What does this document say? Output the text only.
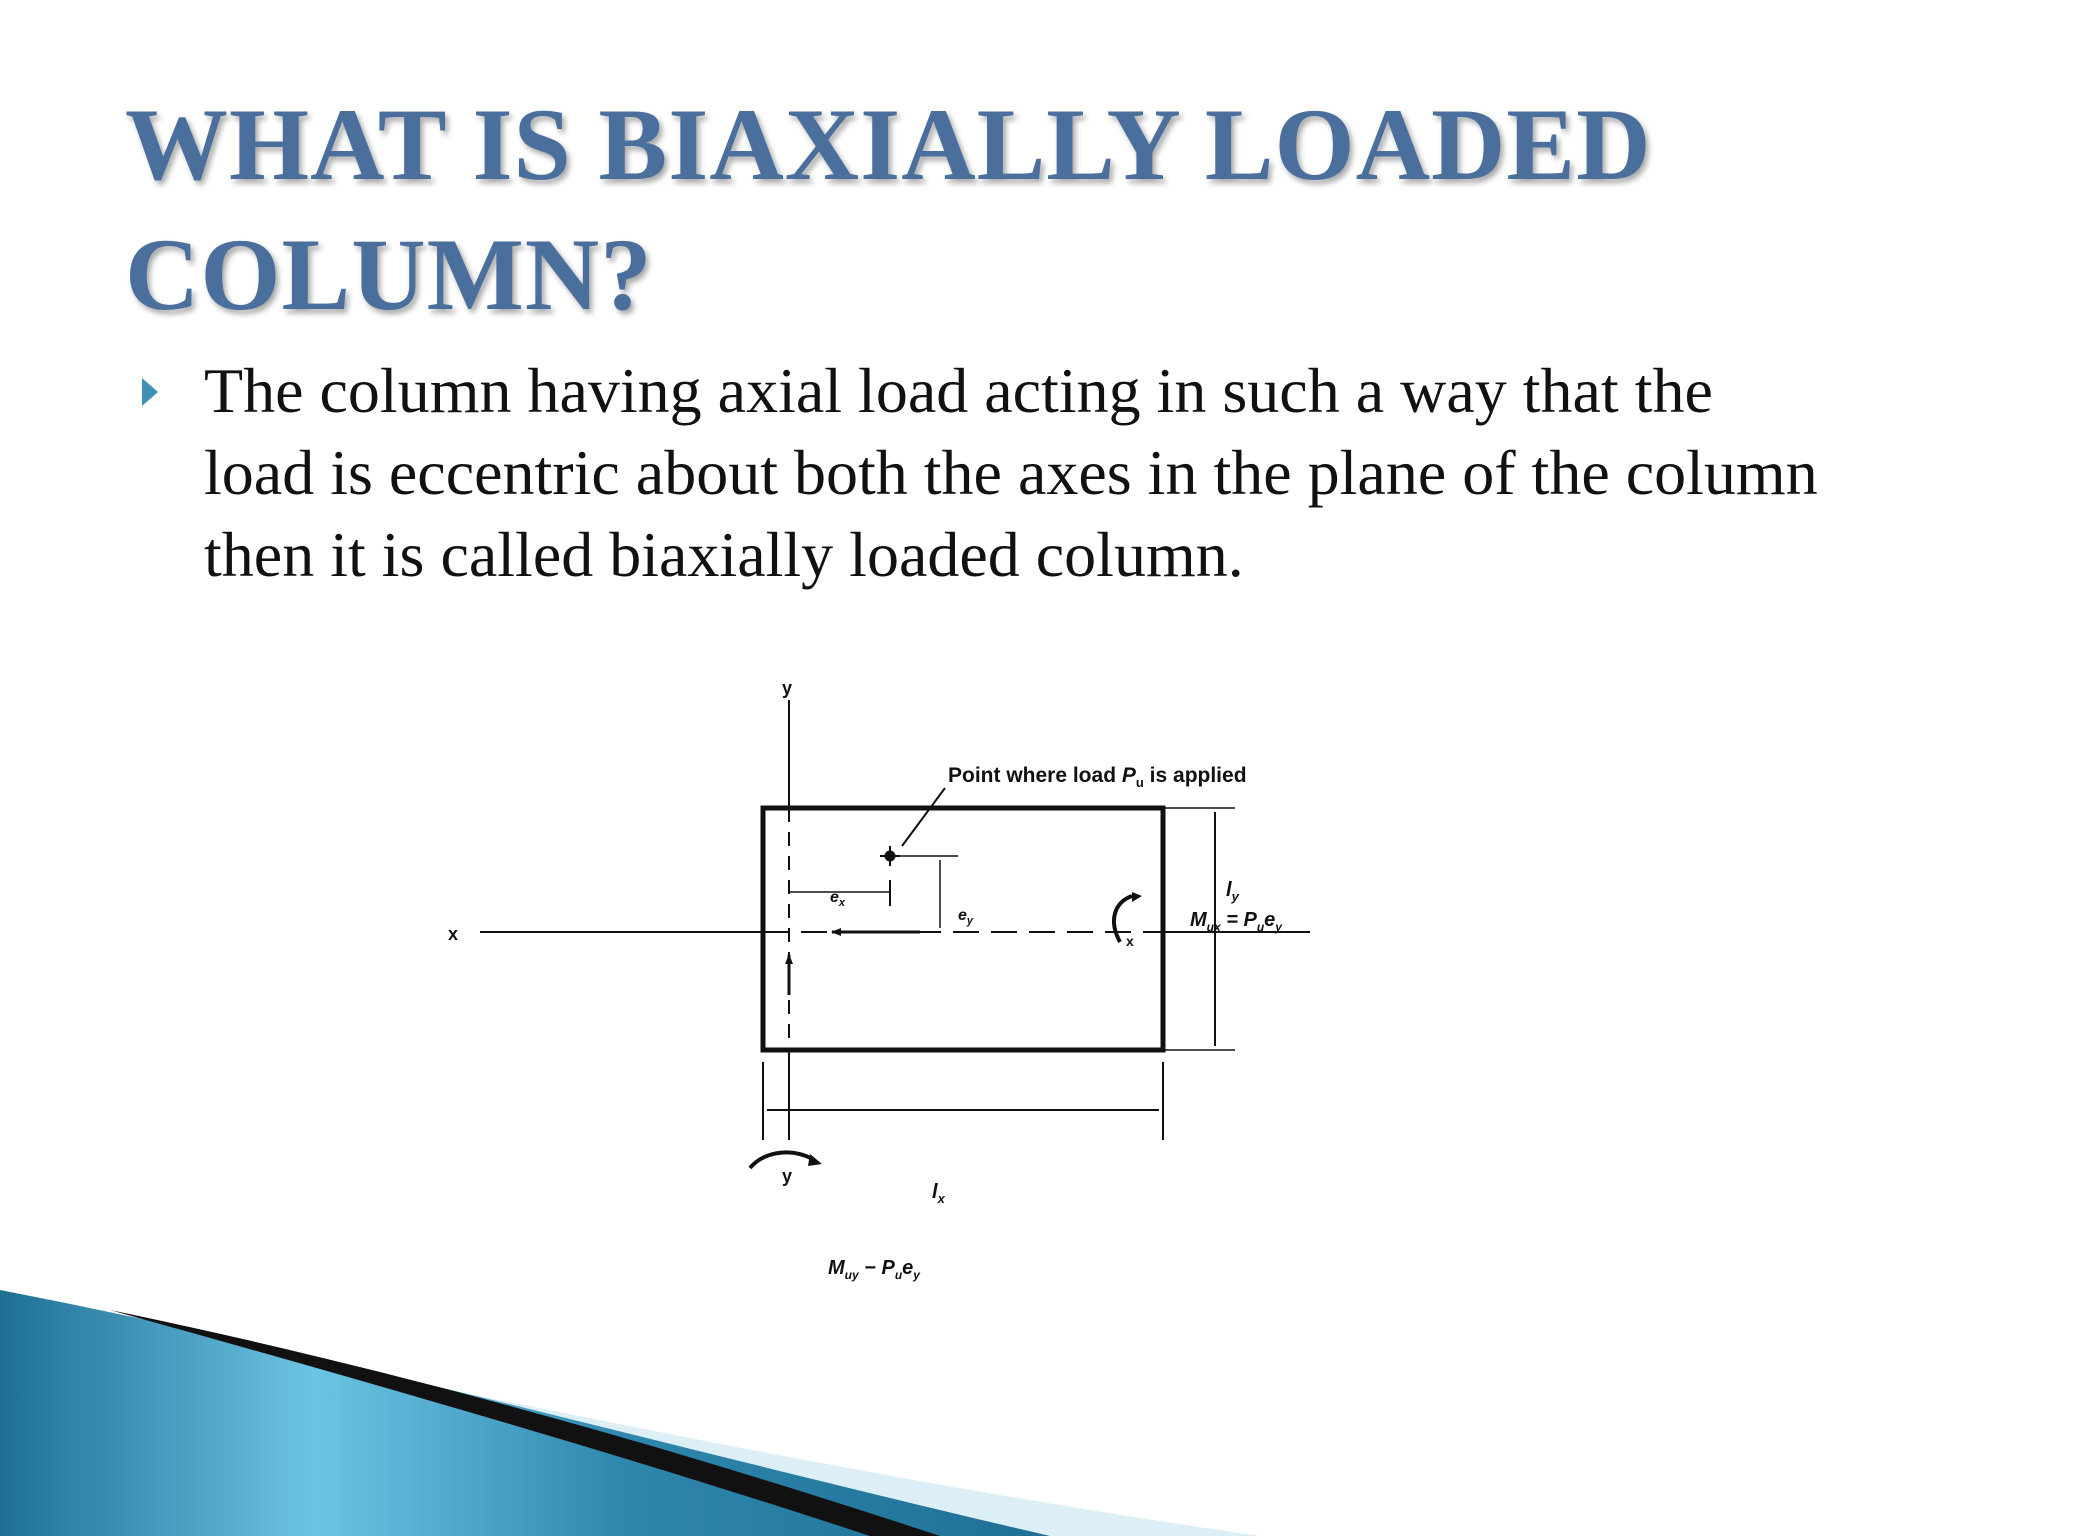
WHAT IS BIAXIALLY LOADED
COLUMN?

The column having axial load acting in such a way that the
load is eccentric about both the axes in the plane of the column
then it is called biaxially loaded column.

y
y
x	x
Point where load $P_u$ is applied
$e_x$
$e_y$
$l_y$
$l_x$
$M_{ux} = P_ue_y$
$M_{uy} - P_ue_y$
